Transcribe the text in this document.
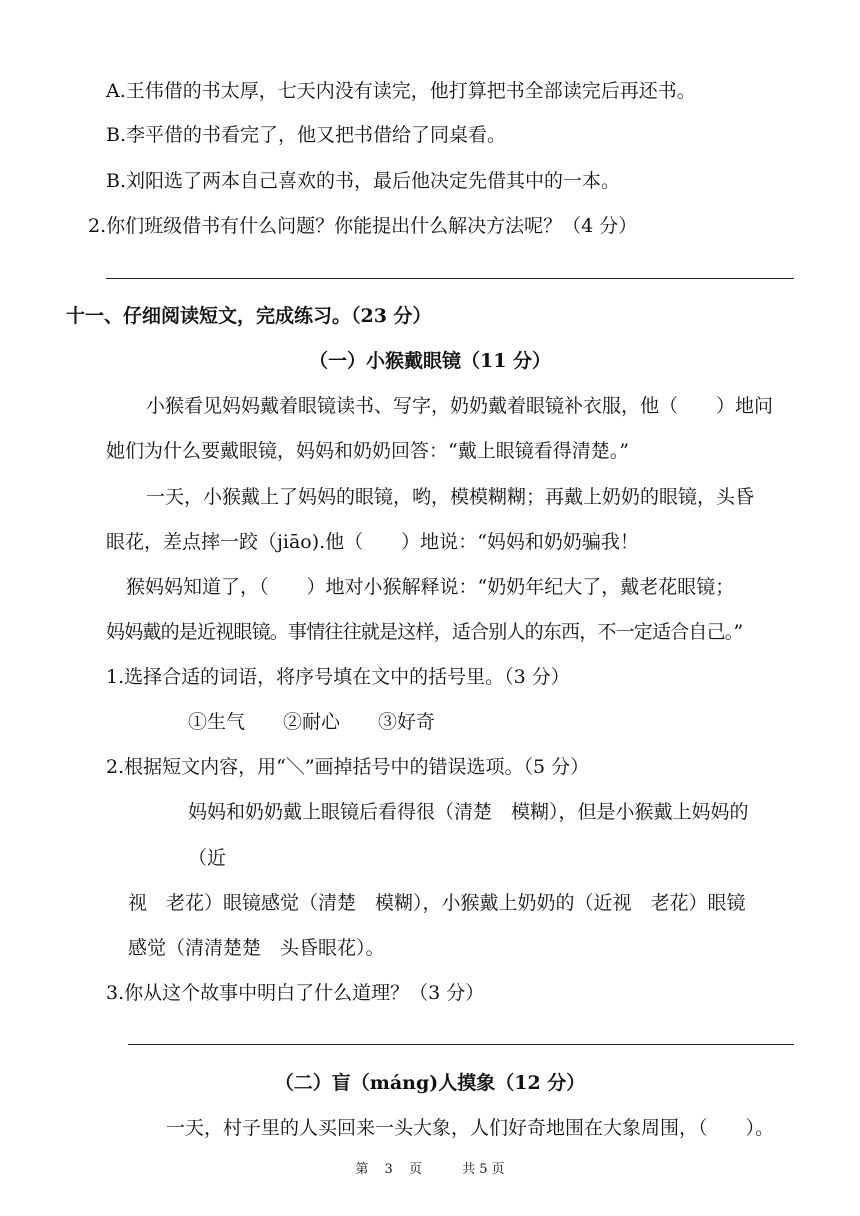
A.王伟借的书太厚，七天内没有读完，他打算把书全部读完后再还书。
B.李平借的书看完了，他又把书借给了同桌看。
B.刘阳选了两本自己喜欢的书，最后他决定先借其中的一本。
2.你们班级借书有什么问题？你能提出什么解决方法呢？（4 分）
十一、仔细阅读短文，完成练习。（23 分）
（一）小猴戴眼镜（11 分）
小猴看见妈妈戴着眼镜读书、写字，奶奶戴着眼镜补衣服，他（　　）地问
她们为什么要戴眼镜，妈妈和奶奶回答：“戴上眼镜看得清楚。”
一天，小猴戴上了妈妈的眼镜，哟，模模糊糊；再戴上奶奶的眼镜，头昏
眼花，差点摔一跤（jiāo).他（　　）地说：“妈妈和奶奶骗我！
猴妈妈知道了，（　　）地对小猴解释说：“奶奶年纪大了，戴老花眼镜；
妈妈戴的是近视眼镜。事情往往就是这样，适合别人的东西，不一定适合自己。”
1.选择合适的词语，将序号填在文中的括号里。（3 分）
①生气　　②耐心　　③好奇
2.根据短文内容，用“＼”画掉括号中的错误选项。（5 分）
妈妈和奶奶戴上眼镜后看得很（清楚　模糊），但是小猴戴上妈妈的
（近
视　老花）眼镜感觉（清楚　模糊），小猴戴上奶奶的（近视　老花）眼镜
感觉（清清楚楚　头昏眼花）。
3.你从这个故事中明白了什么道理？（3 分）
（二）盲（máng)人摸象（12 分）
一天，村子里的人买回来一头大象，人们好奇地围在大象周围，（　　）。
第 3 页	共 5 页
